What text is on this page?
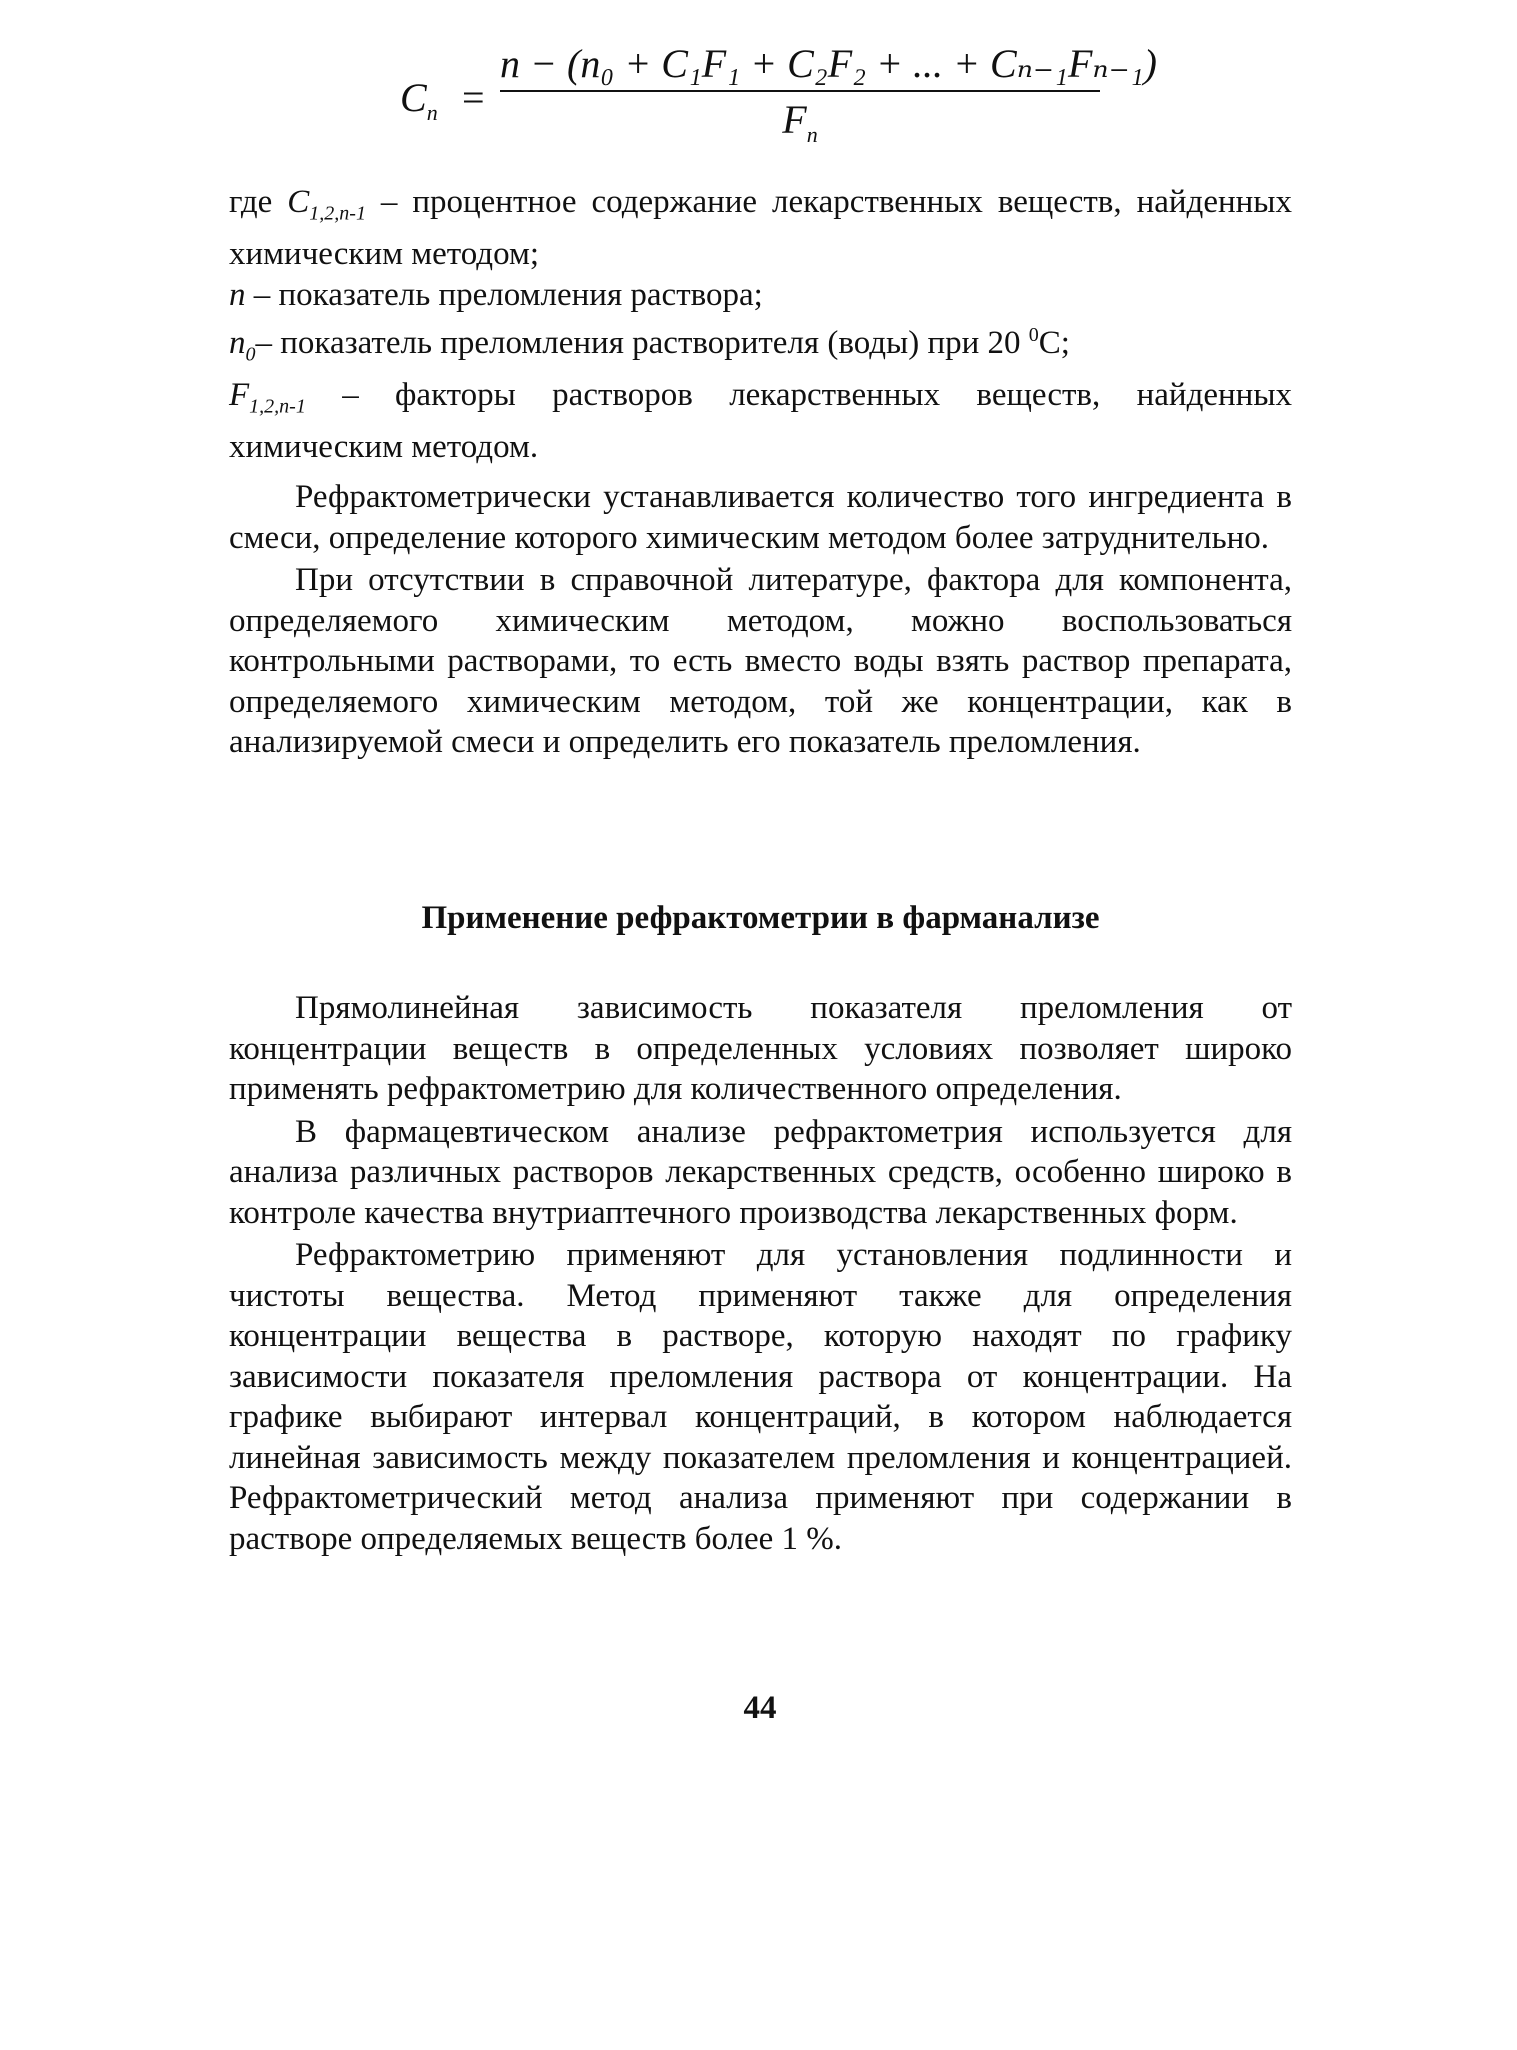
$C_n$ =
n − (n₀ + C₁F₁ + C₂F₂ + ... + Cₙ₋₁Fₙ₋₁)
$F_n$

где $C_{1,2,n-1}$ – процентное содержание лекарственных веществ, найденных химическим методом;

n – показатель преломления раствора;

$n_0-$ показатель преломления растворителя (воды) при 20 $^0$С;

$F_{1,2,n-1}$ – факторы растворов лекарственных веществ, найденных химическим методом.

Рефрактометрически устанавливается количество того ингредиента в смеси, определение которого химическим методом более затруднительно.

При отсутствии в справочной литературе, фактора для компонента, определяемого химическим методом, можно воспользоваться контрольными растворами, то есть вместо воды взять раствор препарата, определяемого химическим методом, той же концентрации, как в анализируемой смеси и определить его показатель преломления.

Применение рефрактометрии в фарманализе

Прямолинейная зависимость показателя преломления от концентрации веществ в определенных условиях позволяет широко применять рефрактометрию для количественного определения.

В фармацевтическом анализе рефрактометрия используется для анализа различных растворов лекарственных средств, особенно широко в контроле качества внутриаптечного производства лекарственных форм.

Рефрактометрию применяют для установления подлинности и чистоты вещества. Метод применяют также для определения концентрации вещества в растворе, которую находят по графику зависимости показателя преломления раствора от концентрации. На графике выбирают интервал концентраций, в котором наблюдается линейная зависимость между показателем преломления и концентрацией. Рефрактометрический метод анализа применяют при содержании в растворе определяемых веществ более 1 %.

44
